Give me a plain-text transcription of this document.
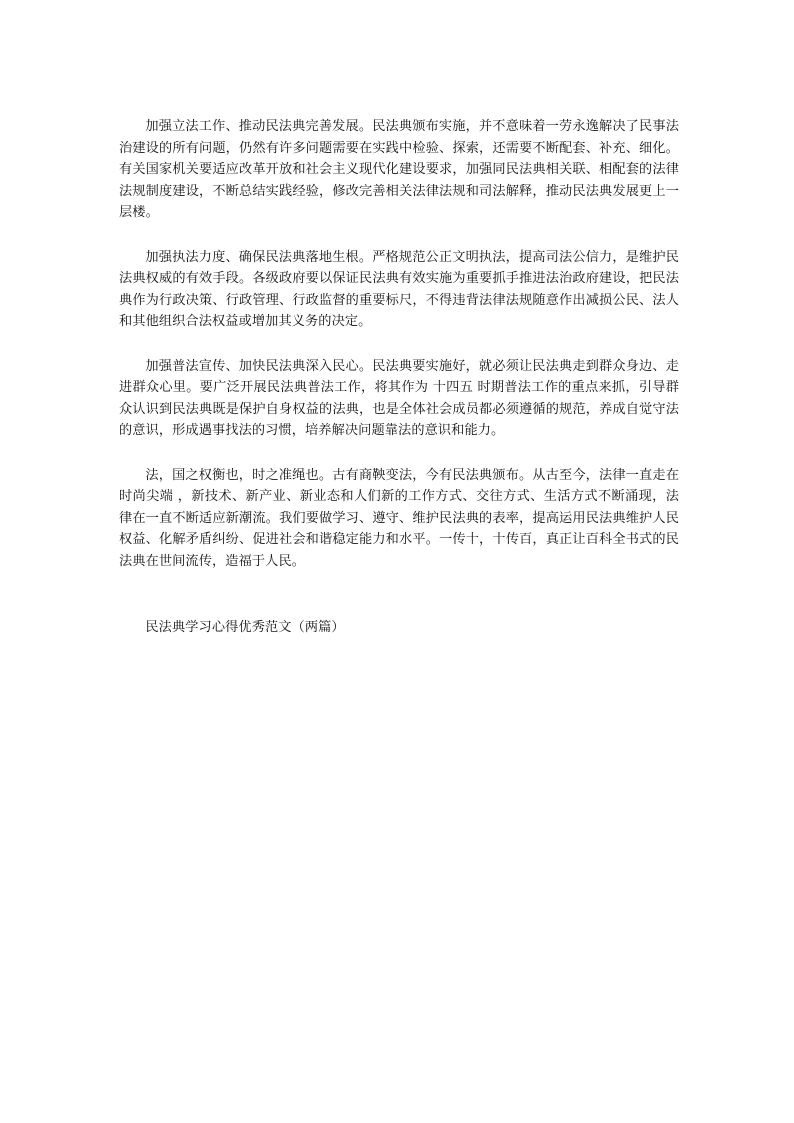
加强立法工作、推动民法典完善发展。民法典颁布实施，并不意味着一劳永逸解决了民事法治建设的所有问题，仍然有许多问题需要在实践中检验、探索，还需要不断配套、补充、细化。有关国家机关要适应改革开放和社会主义现代化建设要求，加强同民法典相关联、相配套的法律法规制度建设，不断总结实践经验，修改完善相关法律法规和司法解释，推动民法典发展更上一层楼。

加强执法力度、确保民法典落地生根。严格规范公正文明执法，提高司法公信力，是维护民法典权威的有效手段。各级政府要以保证民法典有效实施为重要抓手推进法治政府建设，把民法典作为行政决策、行政管理、行政监督的重要标尺，不得违背法律法规随意作出减损公民、法人和其他组织合法权益或增加其义务的决定。

加强普法宣传、加快民法典深入民心。民法典要实施好，就必须让民法典走到群众身边、走进群众心里。要广泛开展民法典普法工作，将其作为 十四五 时期普法工作的重点来抓，引导群众认识到民法典既是保护自身权益的法典，也是全体社会成员都必须遵循的规范，养成自觉守法的意识，形成遇事找法的习惯，培养解决问题靠法的意识和能力。

法，国之权衡也，时之准绳也。古有商鞅变法，今有民法典颁布。从古至今，法律一直走在 时尚尖端 ，新技术、新产业、新业态和人们新的工作方式、交往方式、生活方式不断涌现，法律在一直不断适应新潮流。我们要做学习、遵守、维护民法典的表率，提高运用民法典维护人民权益、化解矛盾纠纷、促进社会和谐稳定能力和水平。一传十，十传百，真正让百科全书式的民法典在世间流传，造福于人民。

民法典学习心得优秀范文（两篇）
